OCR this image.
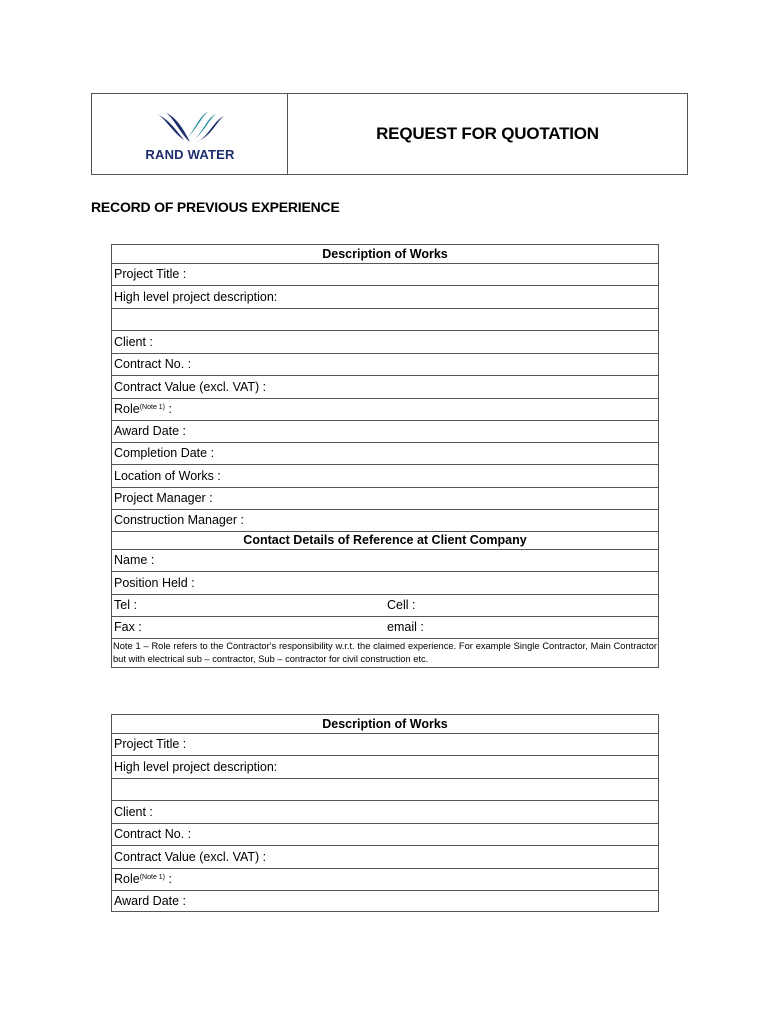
RAND WATER
REQUEST FOR QUOTATION
RECORD OF PREVIOUS EXPERIENCE
Description of Works
Project Title :
High level project description:

Client :
Contract No. :
Contract Value (excl. VAT) :
Role$^{(Note 1)}$ :
Award Date :
Completion Date :
Location of Works :
Project Manager :
Construction Manager :
Contact Details of Reference at Client Company
Name :
Position Held :

Tel :	Cell :

Fax :	email :

Note 1 – Role refers to the Contractor's responsibility w.r.t. the claimed experience. For example Single Contractor, Main Contractor but with electrical sub – contractor, Sub – contractor for civil construction etc.
Description of Works
Project Title :
High level project description:

Client :
Contract No. :
Contract Value (excl. VAT) :
Role$^{(Note 1)}$ :
Award Date :
